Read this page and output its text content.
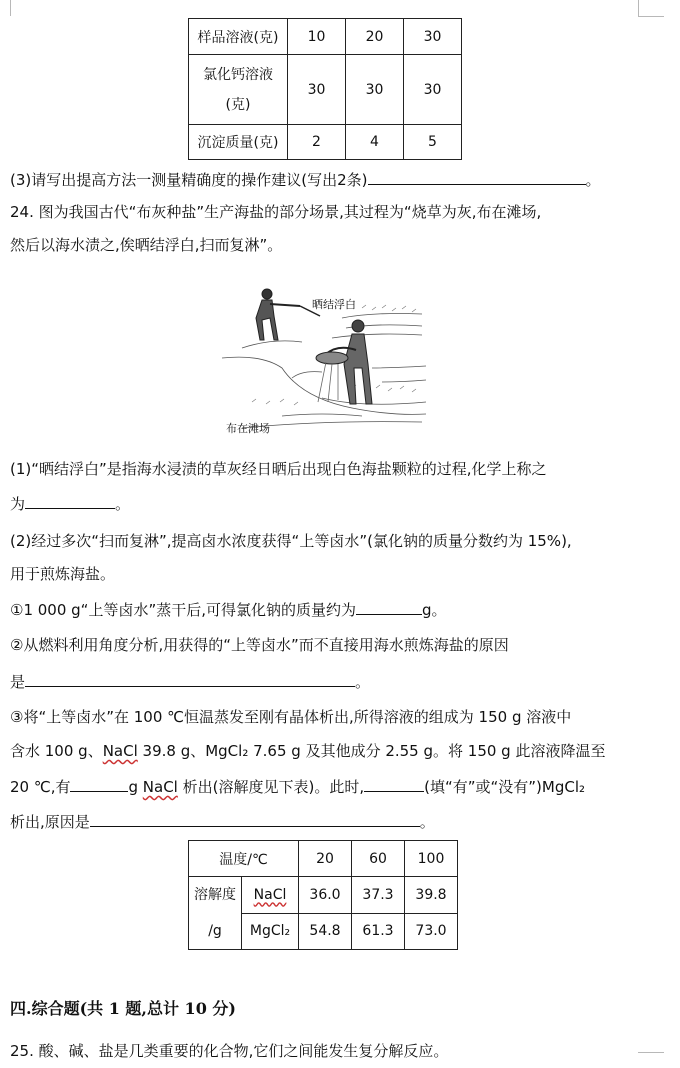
样品溶液(克)	10	20	30

氯化钙溶液
(克)	30	30	30
沉淀质量(克)	2	4	5
(3)请写出提高方法一测量精确度的操作建议(写出2条)	。
24. 图为我国古代“布灰种盐”生产海盐的部分场景,其过程为“烧草为灰,布在滩场,
然后以海水渍之,俟晒结浮白,扫而复淋”。
晒结浮白
布在滩场
(1)“晒结浮白”是指海水浸渍的草灰经日晒后出现白色海盐颗粒的过程,化学上称之
为	。
(2)经过多次“扫而复淋”,提高卤水浓度获得“上等卤水”(氯化钠的质量分数约为 15%),
用于煎炼海盐。
①1 000 g“上等卤水”蒸干后,可得氯化钠的质量约为	g。
②从燃料利用角度分析,用获得的“上等卤水”而不直接用海水煎炼海盐的原因
是	。
③将“上等卤水”在 100 ℃恒温蒸发至刚有晶体析出,所得溶液的组成为 150 g 溶液中
含水 100 g、NaCl 39.8 g、MgCl₂ 7.65 g 及其他成分 2.55 g。将 150 g 此溶液降温至
20 ℃,有	g NaCl 析出(溶解度见下表)。此时,	(填“有”或“没有”)MgCl₂
析出,原因是	。
温度/℃		20	60	100

溶解度
/g	NaCl	36.0	37.3	39.8
	MgCl₂	54.8	61.3	73.0
四.综合题(共 1 题,总计 10 分)
25. 酸、碱、盐是几类重要的化合物,它们之间能发生复分解反应。
